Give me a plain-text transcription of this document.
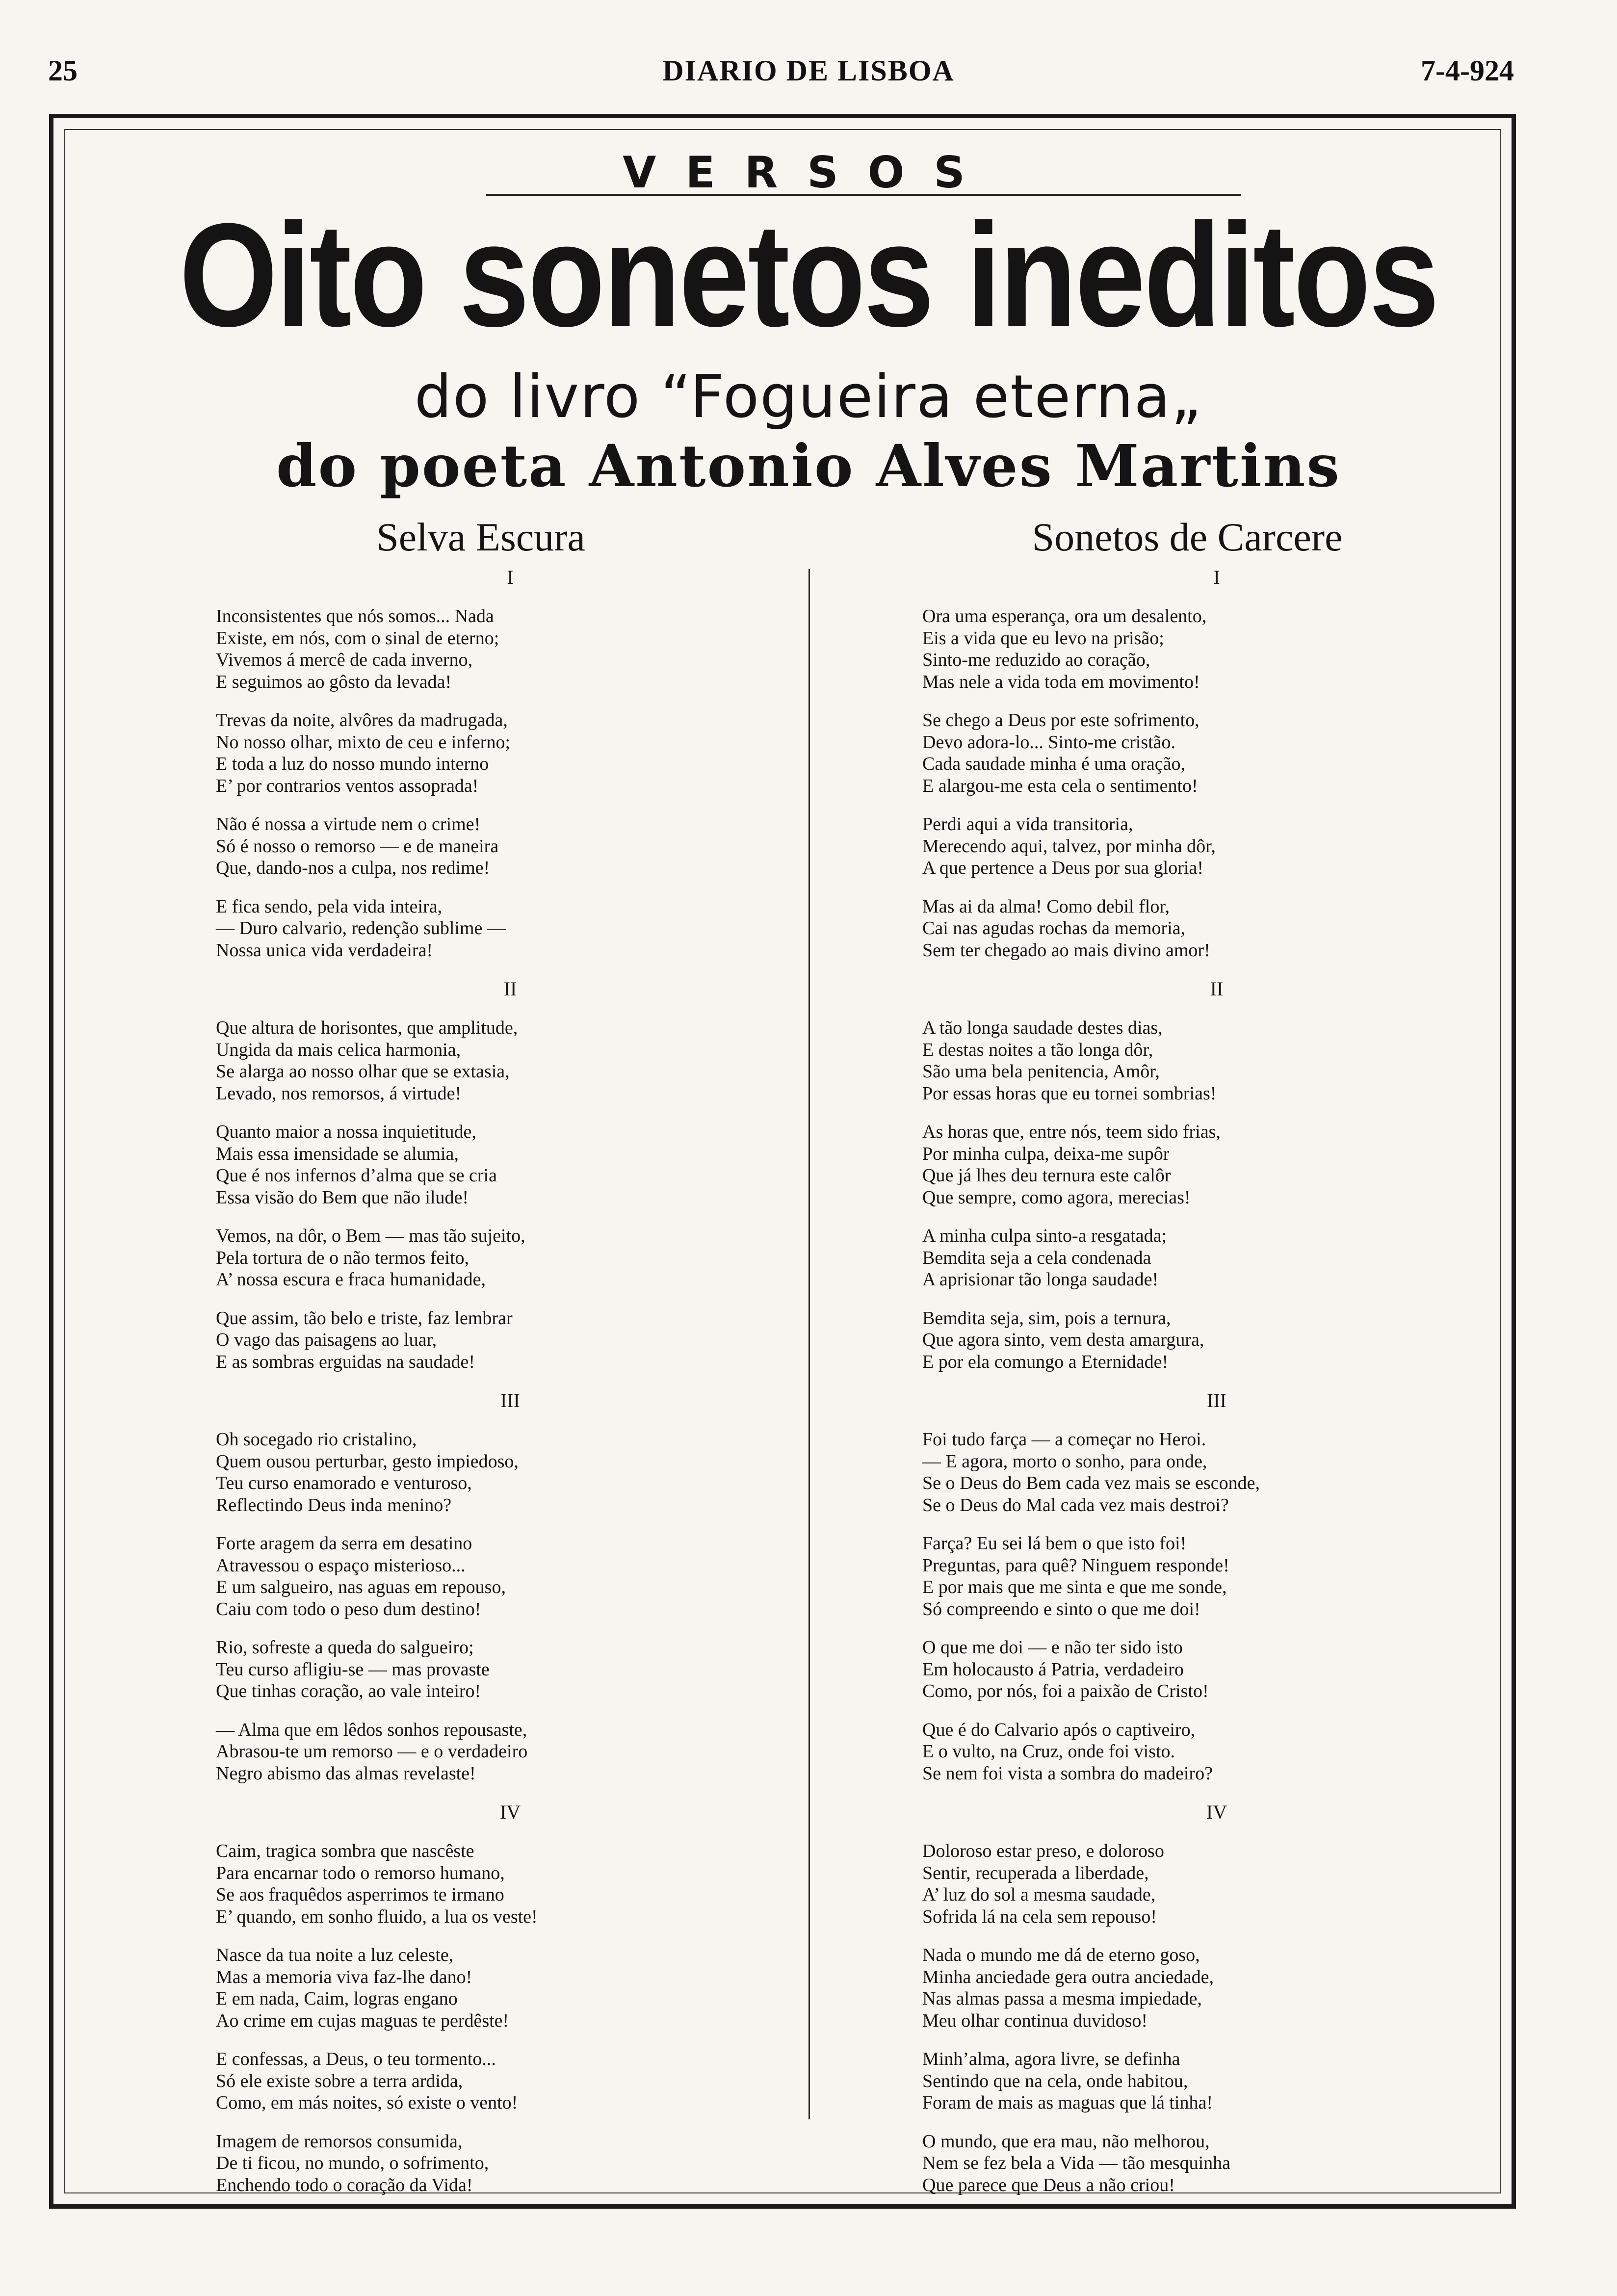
25	DIARIO DE LISBOA	7-4-924
VERSOS
Oito sonetos ineditos
do livro “Fogueira eterna„
do poeta Antonio Alves Martins
Selva Escura
I
Inconsistentes que nós somos... Nada
Existe, em nós, com o sinal de eterno;
Vivemos á mercê de cada inverno,
E seguimos ao gôsto da levada!
Trevas da noite, alvôres da madrugada,
No nosso olhar, mixto de ceu e inferno;
E toda a luz do nosso mundo interno
E’ por contrarios ventos assoprada!
Não é nossa a virtude nem o crime!
Só é nosso o remorso — e de maneira
Que, dando-nos a culpa, nos redime!
E fica sendo, pela vida inteira,
— Duro calvario, redenção sublime —
Nossa unica vida verdadeira!
II
Que altura de horisontes, que amplitude,
Ungida da mais celica harmonia,
Se alarga ao nosso olhar que se extasia,
Levado, nos remorsos, á virtude!
Quanto maior a nossa inquietitude,
Mais essa imensidade se alumia,
Que é nos infernos d’alma que se cria
Essa visão do Bem que não ilude!
Vemos, na dôr, o Bem — mas tão sujeito,
Pela tortura de o não termos feito,
A’ nossa escura e fraca humanidade,
Que assim, tão belo e triste, faz lembrar
O vago das paisagens ao luar,
E as sombras erguidas na saudade!
III
Oh socegado rio cristalino,
Quem ousou perturbar, gesto impiedoso,
Teu curso enamorado e venturoso,
Reflectindo Deus inda menino?
Forte aragem da serra em desatino
Atravessou o espaço misterioso...
E um salgueiro, nas aguas em repouso,
Caiu com todo o peso dum destino!
Rio, sofreste a queda do salgueiro;
Teu curso afligiu-se — mas provaste
Que tinhas coração, ao vale inteiro!
— Alma que em lêdos sonhos repousaste,
Abrasou-te um remorso — e o verdadeiro
Negro abismo das almas revelaste!
IV
Caim, tragica sombra que nascêste
Para encarnar todo o remorso humano,
Se aos fraquêdos asperrimos te irmano
E’ quando, em sonho fluido, a lua os veste!
Nasce da tua noite a luz celeste,
Mas a memoria viva faz-lhe dano!
E em nada, Caim, logras engano
Ao crime em cujas maguas te perdêste!
E confessas, a Deus, o teu tormento...
Só ele existe sobre a terra ardida,
Como, em más noites, só existe o vento!
Imagem de remorsos consumida,
De ti ficou, no mundo, o sofrimento,
Enchendo todo o coração da Vida!
Sonetos de Carcere
I
Ora uma esperança, ora um desalento,
Eis a vida que eu levo na prisão;
Sinto-me reduzido ao coração,
Mas nele a vida toda em movimento!
Se chego a Deus por este sofrimento,
Devo adora-lo... Sinto-me cristão.
Cada saudade minha é uma oração,
E alargou-me esta cela o sentimento!
Perdi aqui a vida transitoria,
Merecendo aqui, talvez, por minha dôr,
A que pertence a Deus por sua gloria!
Mas ai da alma! Como debil flor,
Cai nas agudas rochas da memoria,
Sem ter chegado ao mais divino amor!
II
A tão longa saudade destes dias,
E destas noites a tão longa dôr,
São uma bela penitencia, Amôr,
Por essas horas que eu tornei sombrias!
As horas que, entre nós, teem sido frias,
Por minha culpa, deixa-me supôr
Que já lhes deu ternura este calôr
Que sempre, como agora, merecias!
A minha culpa sinto-a resgatada;
Bemdita seja a cela condenada
A aprisionar tão longa saudade!
Bemdita seja, sim, pois a ternura,
Que agora sinto, vem desta amargura,
E por ela comungo a Eternidade!
III
Foi tudo farça — a começar no Heroi.
— E agora, morto o sonho, para onde,
Se o Deus do Bem cada vez mais se esconde,
Se o Deus do Mal cada vez mais destroi?
Farça? Eu sei lá bem o que isto foi!
Preguntas, para quê? Ninguem responde!
E por mais que me sinta e que me sonde,
Só compreendo e sinto o que me doi!
O que me doi — e não ter sido isto
Em holocausto á Patria, verdadeiro
Como, por nós, foi a paixão de Cristo!
Que é do Calvario após o captiveiro,
E o vulto, na Cruz, onde foi visto.
Se nem foi vista a sombra do madeiro?
IV
Doloroso estar preso, e doloroso
Sentir, recuperada a liberdade,
A’ luz do sol a mesma saudade,
Sofrida lá na cela sem repouso!
Nada o mundo me dá de eterno goso,
Minha anciedade gera outra anciedade,
Nas almas passa a mesma impiedade,
Meu olhar continua duvidoso!
Minh’alma, agora livre, se definha
Sentindo que na cela, onde habitou,
Foram de mais as maguas que lá tinha!
O mundo, que era mau, não melhorou,
Nem se fez bela a Vida — tão mesquinha
Que parece que Deus a não criou!
